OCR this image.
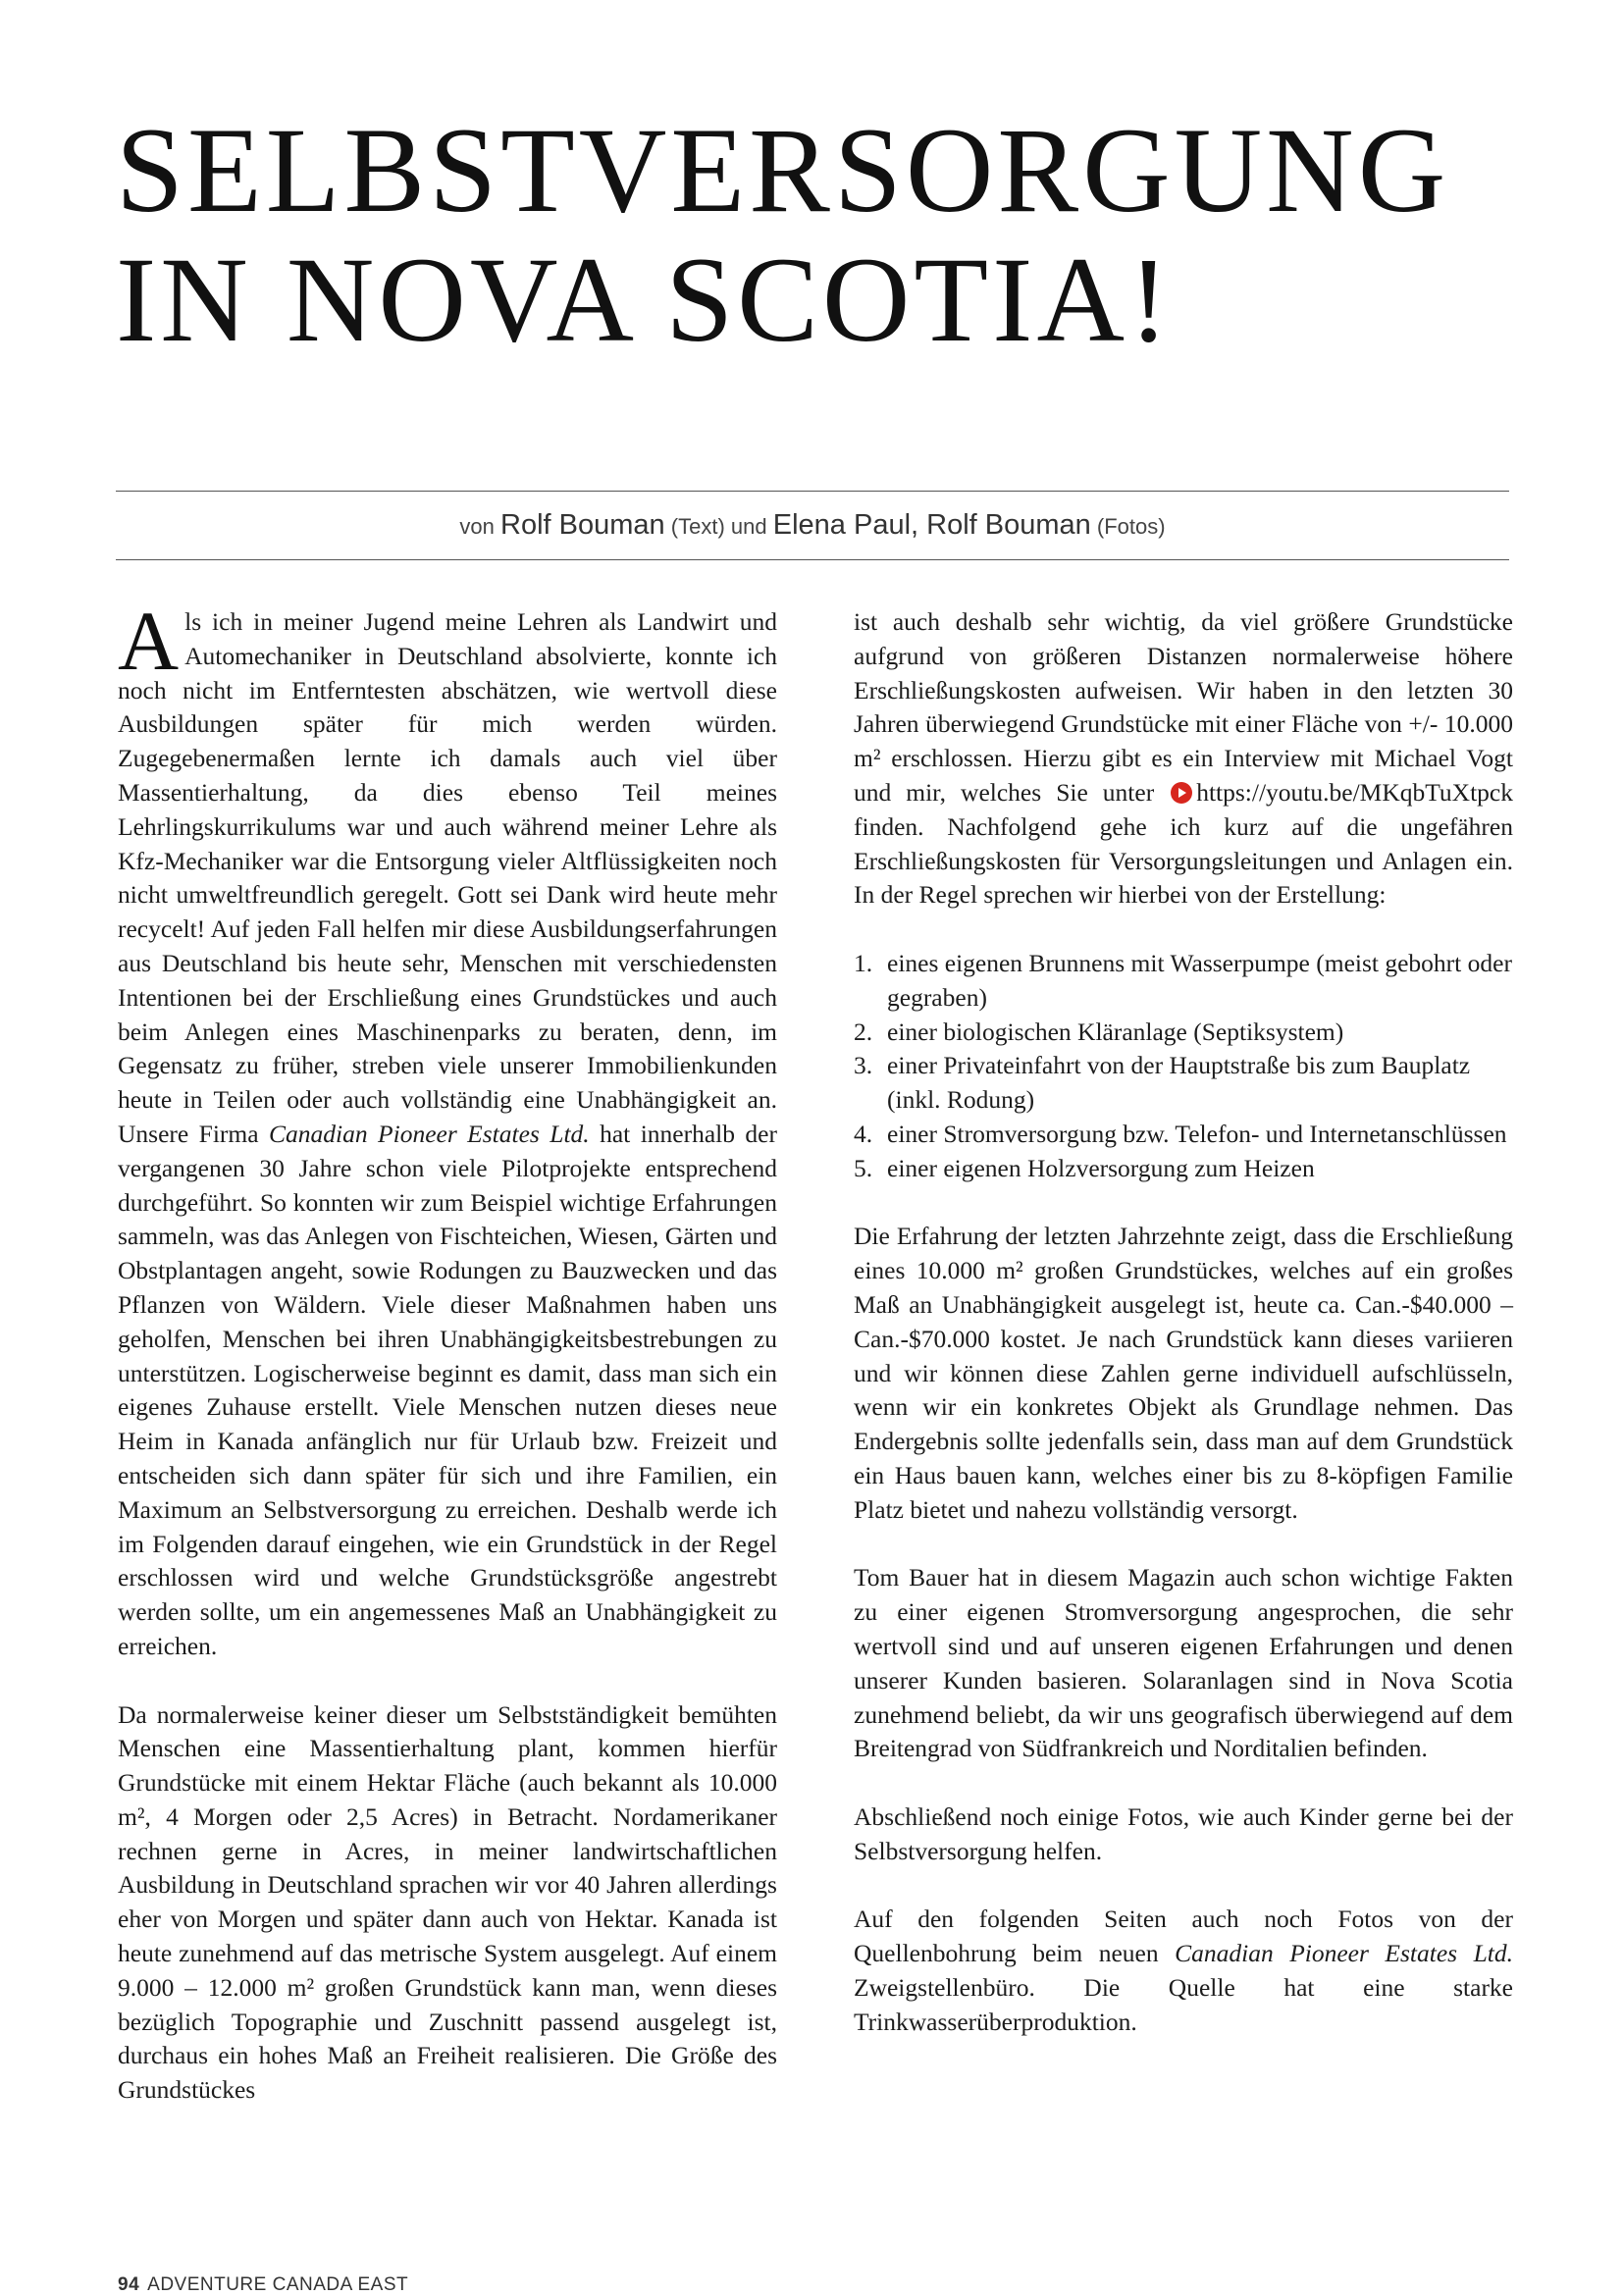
SELBSTVERSORGUNG
IN NOVA SCOTIA!
von Rolf Bouman (Text) und Elena Paul, Rolf Bouman (Fotos)

Als ich in meiner Jugend meine Lehren als Landwirt und Automechaniker in Deutschland absolvierte, konnte ich noch nicht im Entferntesten abschätzen, wie wertvoll diese Ausbildungen später für mich werden würden. Zugegebenermaßen lernte ich damals auch viel über Massentierhaltung, da dies ebenso Teil meines Lehrlingskurrikulums war und auch während meiner Lehre als Kfz-Mechaniker war die Entsorgung vieler Altflüssigkeiten noch nicht umweltfreundlich geregelt. Gott sei Dank wird heute mehr recycelt! Auf jeden Fall helfen mir diese Ausbildungserfahrungen aus Deutschland bis heute sehr, Menschen mit verschiedensten Intentionen bei der Erschließung eines Grundstückes und auch beim Anlegen eines Maschinenparks zu beraten, denn, im Gegensatz zu früher, streben viele unserer Immobilienkunden heute in Teilen oder auch vollständig eine Unabhängigkeit an. Unsere Firma Canadian Pioneer Estates Ltd. hat innerhalb der vergangenen 30 Jahre schon viele Pilotprojekte entsprechend durchgeführt. So konnten wir zum Beispiel wichtige Erfahrungen sammeln, was das Anlegen von Fischteichen, Wiesen, Gärten und Obstplantagen angeht, sowie Rodungen zu Bauzwecken und das Pflanzen von Wäldern. Viele dieser Maßnahmen haben uns geholfen, Menschen bei ihren Unabhängigkeitsbestrebungen zu unterstützen. Logischerweise beginnt es damit, dass man sich ein eigenes Zuhause erstellt. Viele Menschen nutzen dieses neue Heim in Kanada anfänglich nur für Urlaub bzw. Freizeit und entscheiden sich dann später für sich und ihre Familien, ein Maximum an Selbstversorgung zu erreichen. Deshalb werde ich im Folgenden darauf eingehen, wie ein Grundstück in der Regel erschlossen wird und welche Grundstücksgröße angestrebt werden sollte, um ein angemessenes Maß an Unabhängigkeit zu erreichen.

Da normalerweise keiner dieser um Selbstständigkeit bemühten Menschen eine Massentierhaltung plant, kommen hierfür Grundstücke mit einem Hektar Fläche (auch bekannt als 10.000 m², 4 Morgen oder 2,5 Acres) in Betracht. Nordamerikaner rechnen gerne in Acres, in meiner landwirtschaftlichen Ausbildung in Deutschland sprachen wir vor 40 Jahren allerdings eher von Morgen und später dann auch von Hektar. Kanada ist heute zunehmend auf das metrische System ausgelegt. Auf einem 9.000 – 12.000 m² großen Grundstück kann man, wenn dieses bezüglich Topographie und Zuschnitt passend ausgelegt ist, durchaus ein hohes Maß an Freiheit realisieren. Die Größe des Grundstückes

ist auch deshalb sehr wichtig, da viel größere Grundstücke aufgrund von größeren Distanzen normalerweise höhere Erschließungskosten aufweisen. Wir haben in den letzten 30 Jahren überwiegend Grundstücke mit einer Fläche von +/- 10.000 m² erschlossen. Hierzu gibt es ein Interview mit Michael Vogt und mir, welches Sie unter https://youtu.be/MKqbTuXtpck finden. Nachfolgend gehe ich kurz auf die ungefähren Erschließungskosten für Versorgungsleitungen und Anlagen ein. In der Regel sprechen wir hierbei von der Erstellung:

1. eines eigenen Brunnens mit Wasserpumpe (meist gebohrt oder gegraben)
2. einer biologischen Kläranlage (Septiksystem)
3. einer Privateinfahrt von der Hauptstraße bis zum Bauplatz (inkl. Rodung)
4. einer Stromversorgung bzw. Telefon- und Internetanschlüssen
5. einer eigenen Holzversorgung zum Heizen

Die Erfahrung der letzten Jahrzehnte zeigt, dass die Erschließung eines 10.000 m² großen Grundstückes, welches auf ein großes Maß an Unabhängigkeit ausgelegt ist, heute ca. Can.-$40.000 – Can.-$70.000 kostet. Je nach Grundstück kann dieses variieren und wir können diese Zahlen gerne individuell aufschlüsseln, wenn wir ein konkretes Objekt als Grundlage nehmen. Das Endergebnis sollte jedenfalls sein, dass man auf dem Grundstück ein Haus bauen kann, welches einer bis zu 8-köpfigen Familie Platz bietet und nahezu vollständig versorgt.

Tom Bauer hat in diesem Magazin auch schon wichtige Fakten zu einer eigenen Stromversorgung angesprochen, die sehr wertvoll sind und auf unseren eigenen Erfahrungen und denen unserer Kunden basieren. Solaranlagen sind in Nova Scotia zunehmend beliebt, da wir uns geografisch überwiegend auf dem Breitengrad von Südfrankreich und Norditalien befinden.

Abschließend noch einige Fotos, wie auch Kinder gerne bei der Selbstversorgung helfen.

Auf den folgenden Seiten auch noch Fotos von der Quellenbohrung beim neuen Canadian Pioneer Estates Ltd. Zweigstellenbüro. Die Quelle hat eine starke Trinkwasserüberproduktion.

94 ADVENTURE CANADA EAST
